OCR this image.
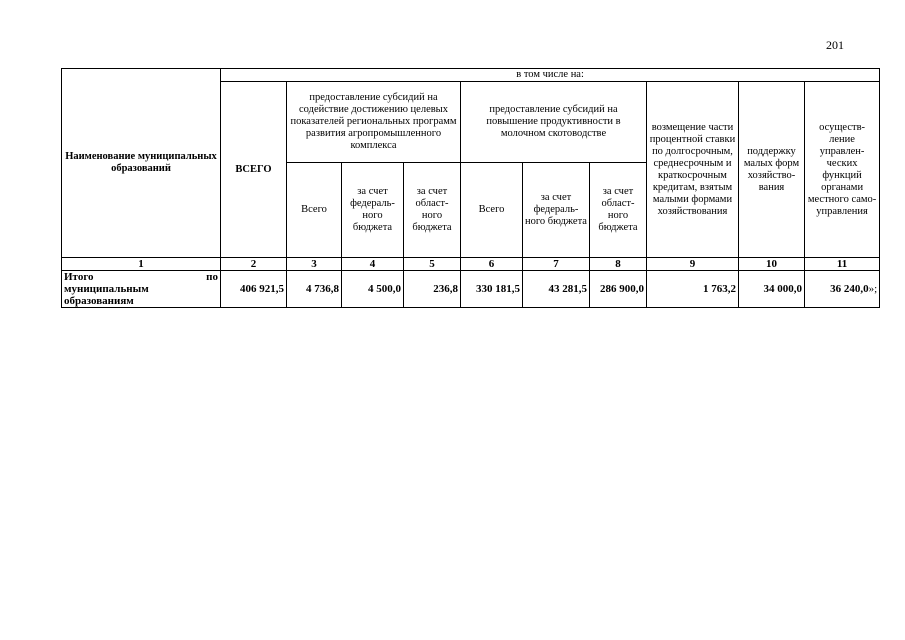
201
Наименование муниципальных образований	в том числе на:									
	ВСЕГО	предоставление субсидий на содействие достижению целевых показателей региональных программ развития агропромышленного комплекса			предоставление субсидий на повышение продуктивности в молочном скотоводстве			возмещение части процентной ставки по долгосрочным, среднесрочным и краткосрочным кредитам, взятым малыми формами хозяйствования	поддержку малых форм хозяйство-вания	осуществ-ление управлен-ческих функций органами местного само-управления
		Всего	за счет федераль-ного бюджета	за счет област-ного бюджета	Всего	за счет федераль-ного бюджета	за счет област-ного бюджета			
1	2	3	4	5	6	7	8	9	10	11

Итого по
муниципальным
образованиям	406 921,5	4 736,8	4 500,0	236,8	330 181,5	43 281,5	286 900,0	1 763,2	34 000,0	36 240,0»;
